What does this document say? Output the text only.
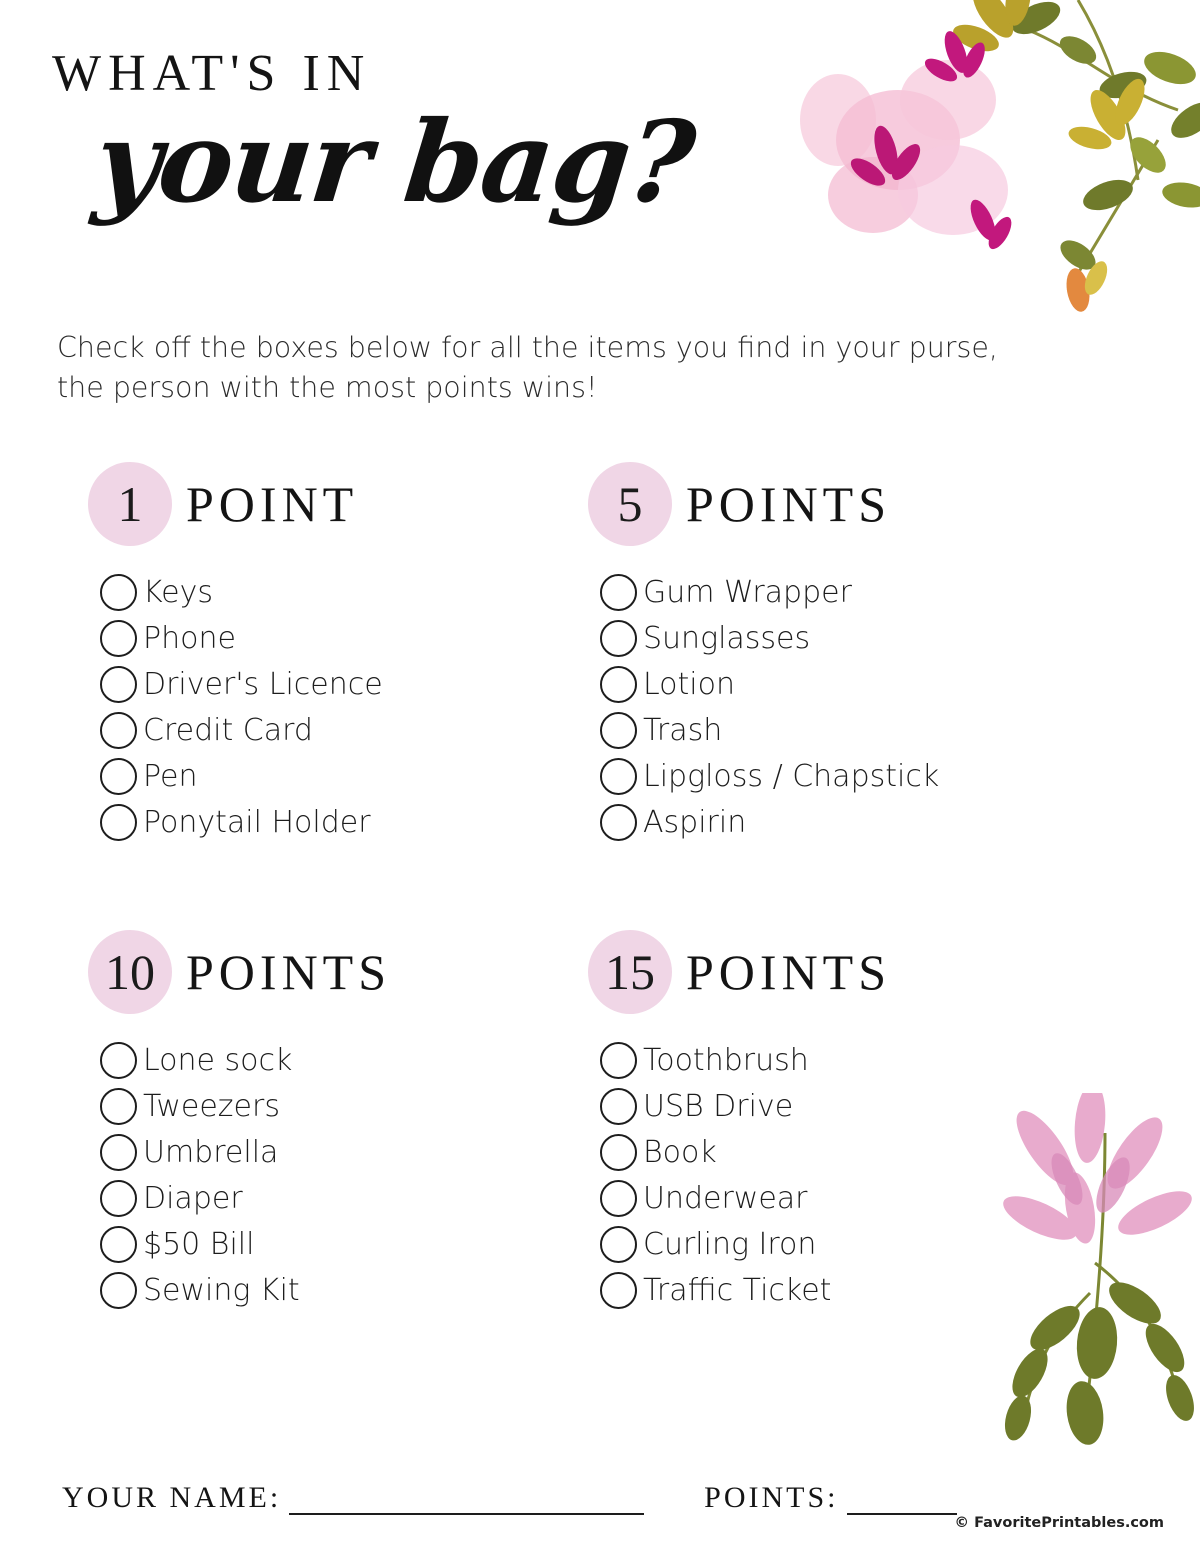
WHAT'S IN
your bag?
Check off the boxes below for all the items you find in your purse, the person with the most points wins!
1 POINT
Keys
Phone
Driver's Licence
Credit Card
Pen
Ponytail Holder
5 POINTS
Gum Wrapper
Sunglasses
Lotion
Trash
Lipgloss / Chapstick
Aspirin
10 POINTS
Lone sock
Tweezers
Umbrella
Diaper
$50 Bill
Sewing Kit
15 POINTS
Toothbrush
USB Drive
Book
Underwear
Curling Iron
Traffic Ticket
YOUR NAME:	POINTS:
© FavoritePrintables.com
